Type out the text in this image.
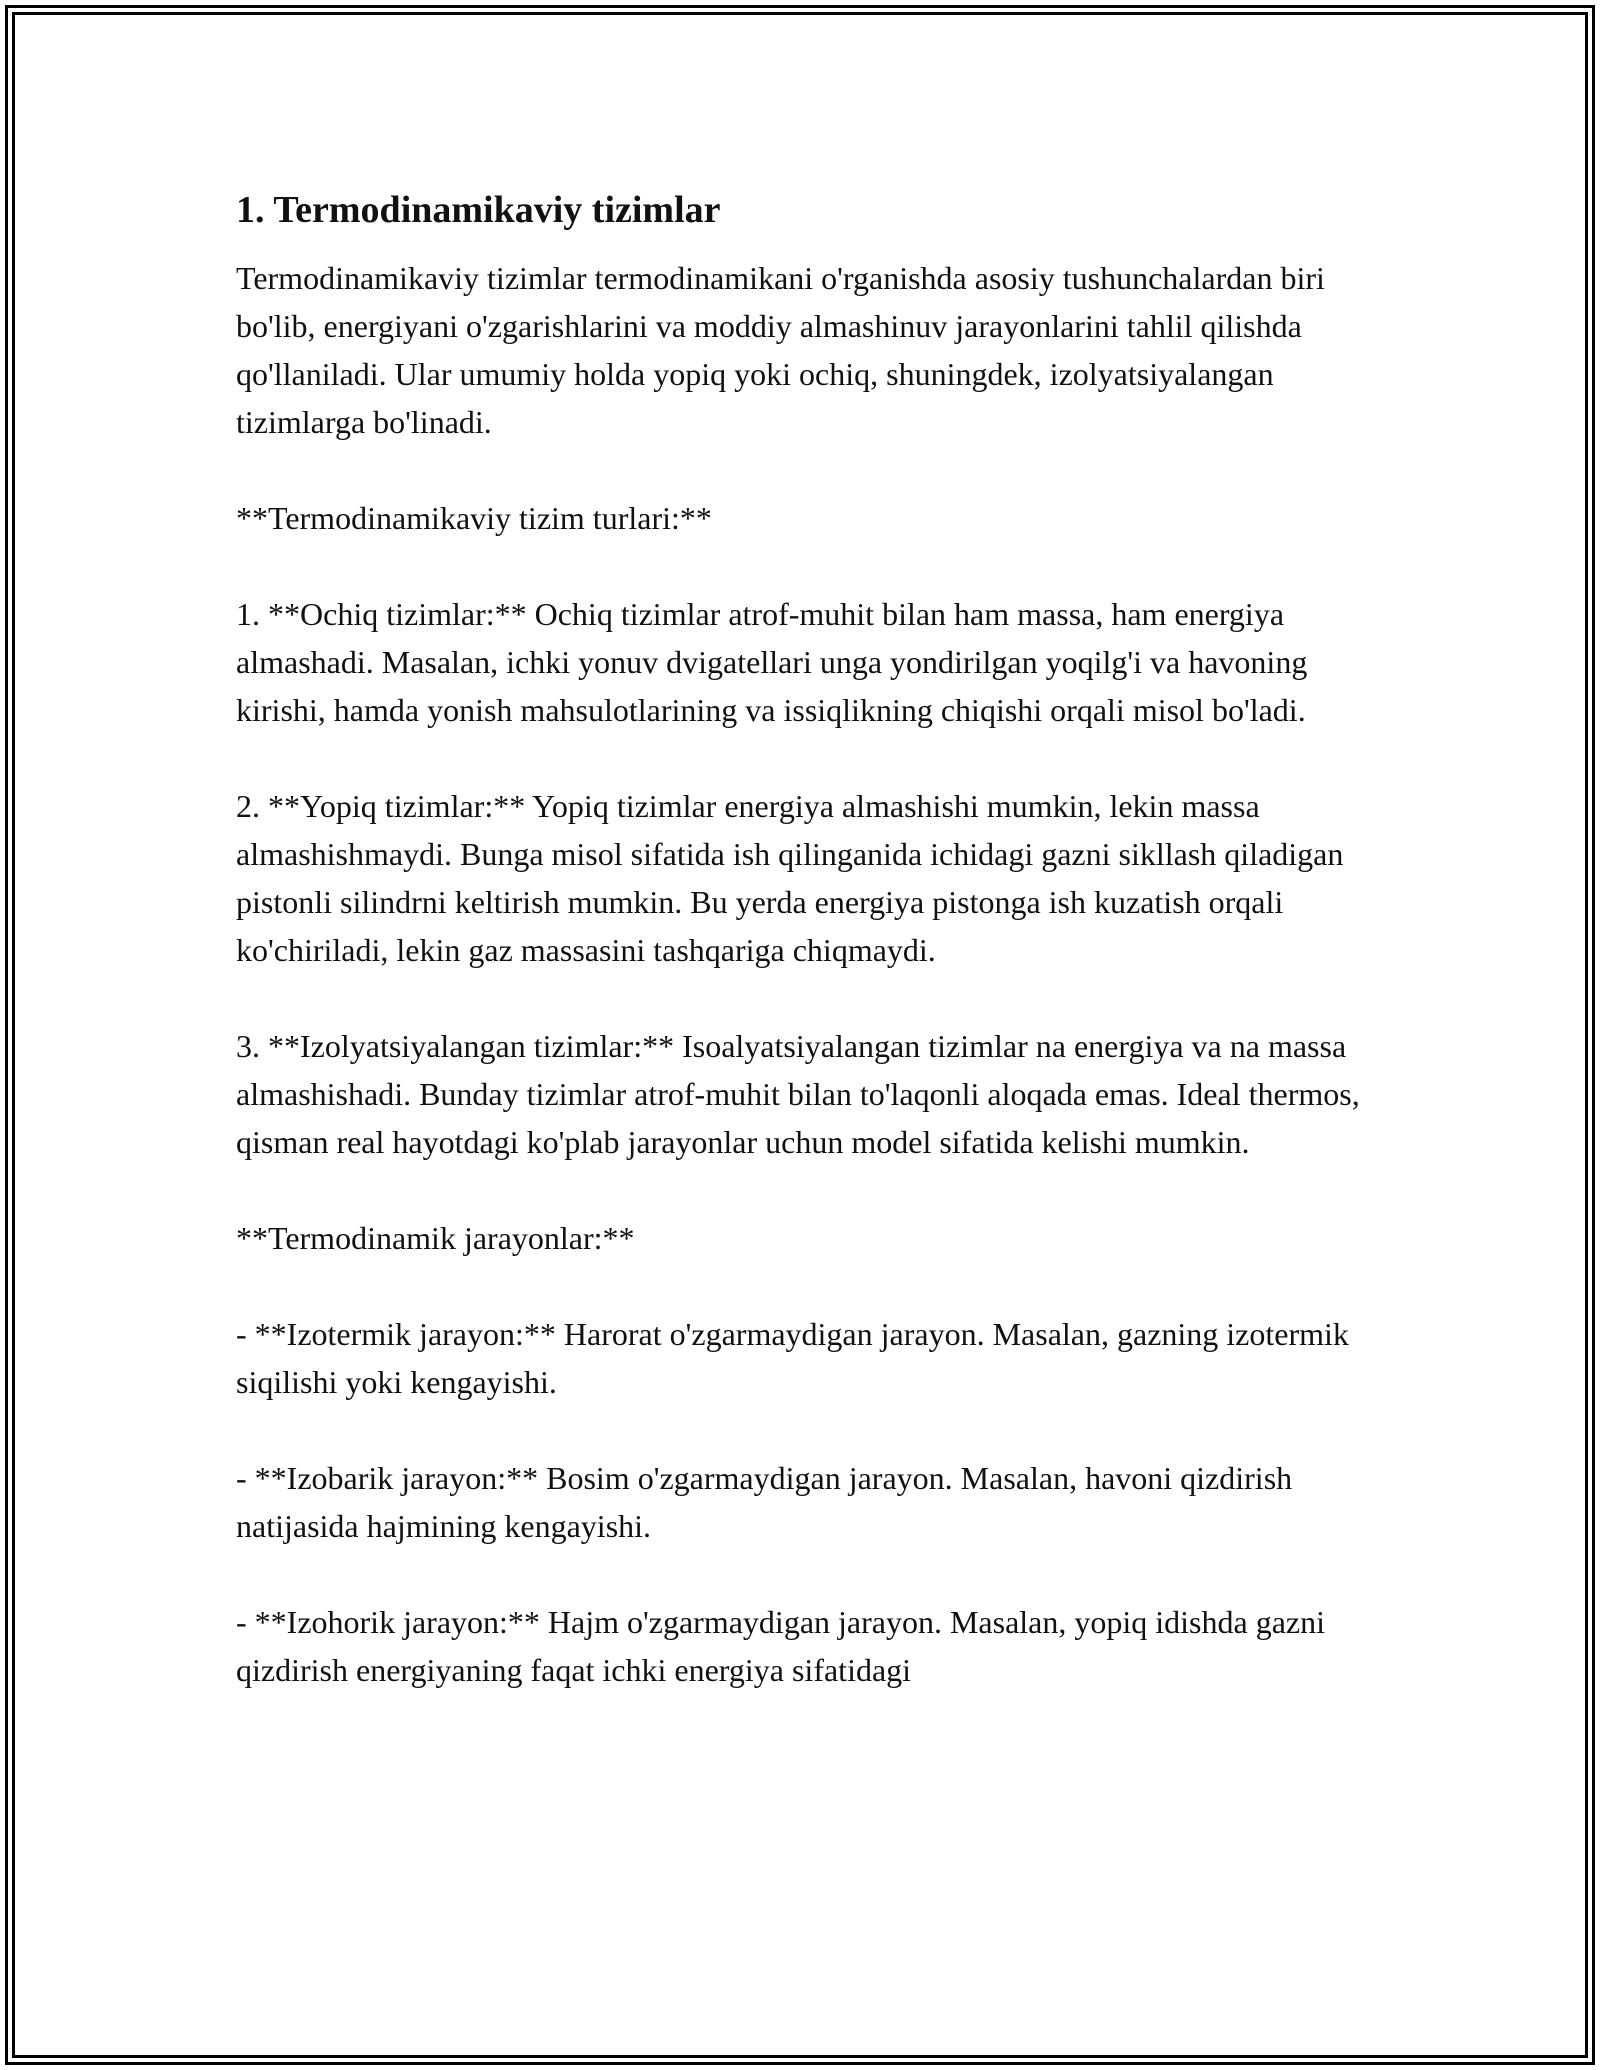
1. Termodinamikaviy tizimlar

Termodinamikaviy tizimlar termodinamikani o'rganishda asosiy tushunchalardan biri bo'lib, energiyani o'zgarishlarini va moddiy almashinuv jarayonlarini tahlil qilishda qo'llaniladi. Ular umumiy holda yopiq yoki ochiq, shuningdek, izolyatsiyalangan tizimlarga bo'linadi.

**Termodinamikaviy tizim turlari:**

1. **Ochiq tizimlar:** Ochiq tizimlar atrof-muhit bilan ham massa, ham energiya almashadi. Masalan, ichki yonuv dvigatellari unga yondirilgan yoqilg'i va havoning kirishi, hamda yonish mahsulotlarining va issiqlikning chiqishi orqali misol bo'ladi.

2. **Yopiq tizimlar:** Yopiq tizimlar energiya almashishi mumkin, lekin massa almashishmaydi. Bunga misol sifatida ish qilinganida ichidagi gazni sikllash qiladigan pistonli silindrni keltirish mumkin. Bu yerda energiya pistonga ish kuzatish orqali ko'chiriladi, lekin gaz massasini tashqariga chiqmaydi.

3. **Izolyatsiyalangan tizimlar:** Isoalyatsiyalangan tizimlar na energiya va na massa almashishadi. Bunday tizimlar atrof-muhit bilan to'laqonli aloqada emas. Ideal thermos, qisman real hayotdagi ko'plab jarayonlar uchun model sifatida kelishi mumkin.

**Termodinamik jarayonlar:**

- **Izotermik jarayon:** Harorat o'zgarmaydigan jarayon. Masalan, gazning izotermik siqilishi yoki kengayishi.

- **Izobarik jarayon:** Bosim o'zgarmaydigan jarayon. Masalan, havoni qizdirish natijasida hajmining kengayishi.

- **Izohorik jarayon:** Hajm o'zgarmaydigan jarayon. Masalan, yopiq idishda gazni qizdirish energiyaning faqat ichki energiya sifatidagi
